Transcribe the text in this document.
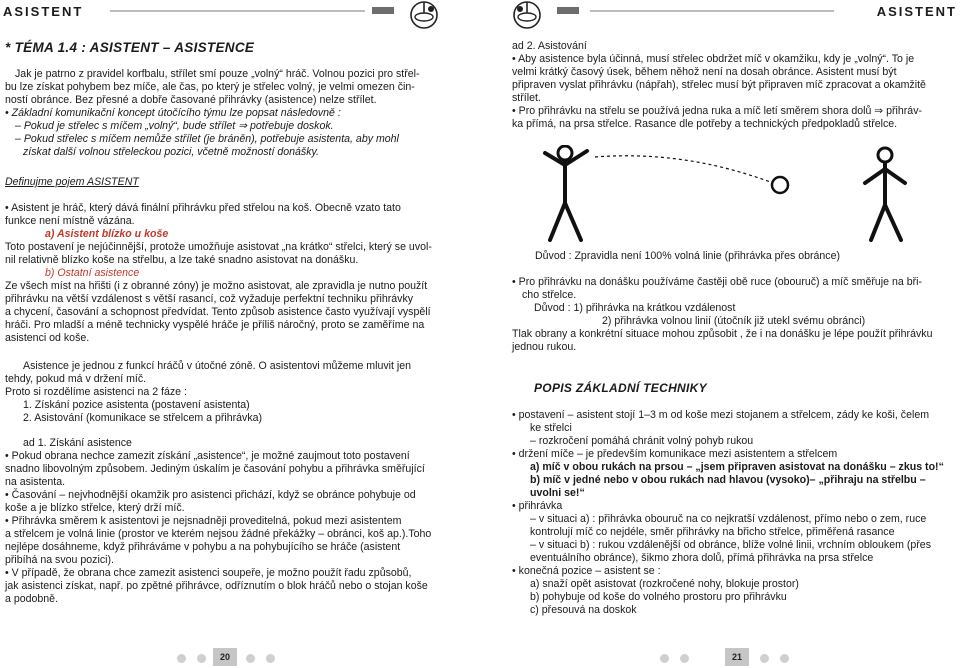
ASISTENT
* TÉMA 1.4 : ASISTENT – ASISTENCE

Jak je patrno z pravidel korfbalu, střílet smí pouze „volný“ hráč. Volnou pozici pro střel-

bu lze získat pohybem bez míče, ale čas, po který je střelec volný, je velmi omezen čin-

ností obránce. Bez přesné a dobře časované přihrávky (asistence) nelze střílet.

• Základní komunikační koncept útočícího týmu lze popsat následovně :

– Pokud je střelec s míčem „volný“, bude střílet ⇒ potřebuje doskok.

– Pokud střelec s míčem nemůže střílet (je bráněn), potřebuje asistenta, aby mohl

získat další volnou střeleckou pozici, včetně možností donášky.

Definujme pojem ASISTENT

• Asistent je hráč, který dává finální přihrávku před střelou na koš. Obecně vzato tato

funkce není místně vázána.

a) Asistent blízko u koše

Toto postavení je nejúčinnější, protože umožňuje asistovat „na krátko“ střelci, který se uvol-

nil relativně blízko koše na střelbu, a lze také snadno asistovat na donášku.

b) Ostatní asistence

Ze všech míst na hřišti (i z obranné zóny) je možno asistovat, ale zpravidla je nutno použít

přihrávku na větší vzdálenost s větší rasancí, což vyžaduje perfektní techniku přihrávky

a chycení, časování a schopnost předvídat. Tento způsob asistence často využívají vyspělí

hráči. Pro mladší a méně technicky vyspělé hráče je příliš náročný, proto se zaměříme na

asistenci od koše.

Asistence je jednou z funkcí hráčů v útočné zóně. O asistentovi můžeme mluvit jen

tehdy, pokud má v držení míč.

Proto si rozdělíme asistenci na 2 fáze :

1. Získání pozice asistenta (postavení asistenta)

2. Asistování (komunikace se střelcem a přihrávka)

ad 1. Získání asistence

• Pokud obrana nechce zamezit získání „asistence“, je možné zaujmout toto postavení

snadno libovolným způsobem. Jediným úskalím je časování pohybu a přihrávka směřující

na asistenta.

• Časování – nejvhodnější okamžik pro asistenci přichází, když se obránce pohybuje od

koše a je blízko střelce, který drží míč.

• Přihrávka směrem k asistentovi je nejsnadněji proveditelná, pokud mezi asistentem

a střelcem je volná linie (prostor ve kterém nejsou žádné překážky – obránci, koš ap.).Toho

nejlépe dosáhneme, když přihráváme v pohybu a na pohybujícího se hráče (asistent

přibíhá na svou pozici).

• V případě, že obrana chce zamezit asistenci soupeře, je možno použít řadu způsobů,

jak asistenci získat, např. po zpětné přihrávce, odříznutím o blok hráčů nebo o stojan koše

a podobně.

20
ASISTENT

ad 2. Asistování

• Aby asistence byla účinná, musí střelec obdržet míč v okamžiku, kdy je „volný“. To je

velmi krátký časový úsek, během něhož není na dosah obránce. Asistent musí být

připraven vyslat přihrávku (nápřah), střelec musí být připraven míč zpracovat a okamžitě

střílet.

• Pro přihrávku na střelu se používá jedna ruka a míč letí směrem shora dolů ⇒ přihráv-

ka přímá, na prsa střelce. Rasance dle potřeby a technických předpokladů střelce.

Důvod : Zpravidla není 100% volná linie (přihrávka přes obránce)

• Pro přihrávku na donášku používáme častěji obě ruce (obouruč) a míč směřuje na bři-

cho střelce.

Důvod : 1) přihrávka na krátkou vzdálenost

2) přihrávka volnou linií (útočník již utekl svému obránci)

Tlak obrany a konkrétní situace mohou způsobit , že i na donášku je lépe použít přihrávku

jednou rukou.

POPIS ZÁKLADNÍ TECHNIKY

• postavení – asistent stojí 1–3 m od koše mezi stojanem a střelcem, zády ke koši, čelem

ke střelci

– rozkročení pomáhá chránit volný pohyb rukou

• držení míče – je především komunikace mezi asistentem a střelcem

a) míč v obou rukách na prsou – „jsem připraven asistovat na donášku – zkus to!“

b) míč v jedné nebo v obou rukách nad hlavou (vysoko)– „přihraju na střelbu –

uvolni se!“

• přihrávka

– v situaci a) : přihrávka obouruč na co nejkratší vzdálenost, přímo nebo o zem, ruce

kontrolují míč co nejdéle, směr přihrávky na břicho střelce, přiměřená rasance

– v situaci b) : rukou vzdálenější od obránce, blíže volné linii, vrchním obloukem (přes

eventuálního obránce), šikmo zhora dolů, přímá přihrávka na prsa střelce

• konečná pozice – asistent se :

a) snaží opět asistovat (rozkročené nohy, blokuje prostor)

b) pohybuje od koše do volného prostoru pro přihrávku

c) přesouvá na doskok

21
